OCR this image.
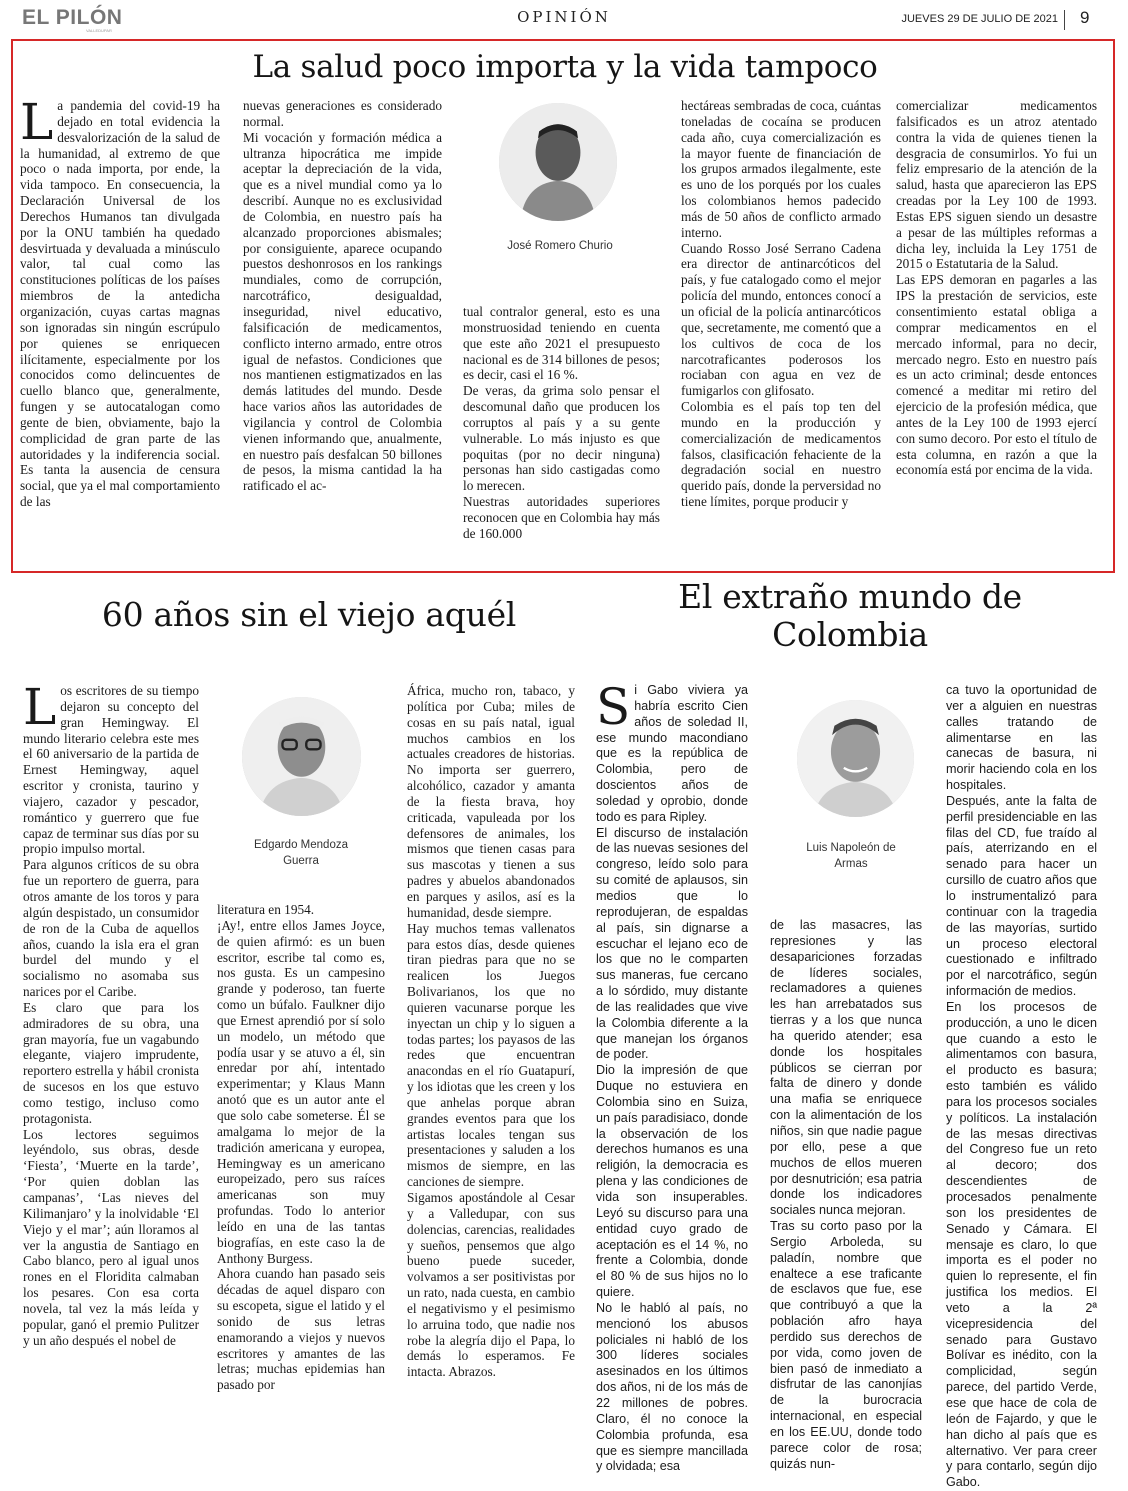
EL PILÓN
VALLEDUPAR
OPINIÓN	JUEVES 29 DE JULIO DE 2021 9
La salud poco importa y la vida tampoco
L a pandemia del covid-19 ha dejado en total evidencia la desvalorización de la salud de la humanidad, al extremo de que poco o nada importa, por ende, la vida tampoco. En consecuencia, la Declaración Universal de los Derechos Humanos tan divulgada por la ONU también ha quedado desvirtuada y devaluada a minúsculo valor, tal cual como las constituciones políticas de los países miembros de la antedicha organización, cuyas cartas magnas son ignoradas sin ningún escrúpulo por quienes se enriquecen ilícitamente, especialmente por los conocidos como delincuentes de cuello blanco que, generalmente, fungen y se autocatalogan como gente de bien, obviamente, bajo la complicidad de gran parte de las autoridades y la indiferencia social. Es tanta la ausencia de censura social, que ya el mal comportamiento de las

nuevas generaciones es considerado normal.

Mi vocación y formación médica a ultranza hipocrática me impide aceptar la depreciación de la vida, que es a nivel mundial como ya lo describí. Aunque no es exclusividad de Colombia, en nuestro país ha alcanzado proporciones abismales; por consiguiente, aparece ocupando puestos deshonrosos en los rankings mundiales, como de corrupción, narcotráfico, desigualdad, inseguridad, nivel educativo, falsificación de medicamentos, conflicto interno armado, entre otros igual de nefastos. Condiciones que nos mantienen estigmatizados en las demás latitudes del mundo. Desde hace varios años las autoridades de vigilancia y control de Colombia vienen informando que, anualmente, en nuestro país desfalcan 50 billones de pesos, la misma cantidad la ha ratificado el ac-

José Romero Churio

tual contralor general, esto es una monstruosidad teniendo en cuenta que este año 2021 el presupuesto nacional es de 314 billones de pesos; es decir, casi el 16 %.

De veras, da grima solo pensar el descomunal daño que producen los corruptos al país y a su gente vulnerable. Lo más injusto es que poquitas (por no decir ninguna) personas han sido castigadas como lo merecen.

Nuestras autoridades superiores reconocen que en Colombia hay más de 160.000

hectáreas sembradas de coca, cuántas toneladas de cocaína se producen cada año, cuya comercialización es la mayor fuente de financiación de los grupos armados ilegalmente, este es uno de los porqués por los cuales los colombianos hemos padecido más de 50 años de conflicto armado interno.

Cuando Rosso José Serrano Cadena era director de antinarcóticos del país, y fue catalogado como el mejor policía del mundo, entonces conocí a un oficial de la policía antinarcóticos que, secretamente, me comentó que a los cultivos de coca de los narcotraficantes poderosos los rociaban con agua en vez de fumigarlos con glifosato.

Colombia es el país top ten del mundo en la producción y comercialización de medicamentos falsos, clasificación fehaciente de la degradación social en nuestro querido país, donde la perversidad no tiene límites, porque producir y

comercializar medicamentos falsificados es un atroz atentado contra la vida de quienes tienen la desgracia de consumirlos. Yo fui un feliz empresario de la atención de la salud, hasta que aparecieron las EPS creadas por la Ley 100 de 1993. Estas EPS siguen siendo un desastre a pesar de las múltiples reformas a dicha ley, incluida la Ley 1751 de 2015 o Estatutaria de la Salud.

Las EPS demoran en pagarles a las IPS la prestación de servicios, este consentimiento estatal obliga a comprar medicamentos en el mercado informal, para no decir, mercado negro. Esto en nuestro país es un acto criminal; desde entonces comencé a meditar mi retiro del ejercicio de la profesión médica, que antes de la Ley 100 de 1993 ejercí con sumo decoro. Por esto el título de esta columna, en razón a que la economía está por encima de la vida.

60 años sin el viejo aquél
L os escritores de su tiempo dejaron su concepto del gran Hemingway. El mundo literario celebra este mes el 60 aniversario de la partida de Ernest Hemingway, aquel escritor y cronista, taurino y viajero, cazador y pescador, romántico y guerrero que fue capaz de terminar sus días por su propio impulso mortal.

Para algunos críticos de su obra fue un reportero de guerra, para otros amante de los toros y para algún despistado, un consumidor de ron de la Cuba de aquellos años, cuando la isla era el gran burdel del mundo y el socialismo no asomaba sus narices por el Caribe.

Es claro que para los admiradores de su obra, una gran mayoría, fue un vagabundo elegante, viajero imprudente, reportero estrella y hábil cronista de sucesos en los que estuvo como testigo, incluso como protagonista.

Los lectores seguimos leyéndolo, sus obras, desde ‘Fiesta’, ‘Muerte en la tarde’, ‘Por quien doblan las campanas’, ‘Las nieves del Kilimanjaro’ y la inolvidable ‘El Viejo y el mar’; aún lloramos al ver la angustia de Santiago en Cabo blanco, pero al igual unos rones en el Floridita calmaban los pesares. Con esa corta novela, tal vez la más leída y popular, ganó el premio Pulitzer y un año después el nobel de

Edgardo Mendoza
Guerra

literatura en 1954.

¡Ay!, entre ellos James Joyce, de quien afirmó: es un buen escritor, escribe tal como es, nos gusta. Es un campesino grande y poderoso, tan fuerte como un búfalo. Faulkner dijo que Ernest aprendió por sí solo un modelo, un método que podía usar y se atuvo a él, sin enredar por ahí, intentado experimentar; y Klaus Mann anotó que es un autor ante el que solo cabe someterse. Él se amalgama lo mejor de la tradición americana y europea, Hemingway es un americano europeizado, pero sus raíces americanas son muy profundas. Todo lo anterior leído en una de las tantas biografías, en este caso la de Anthony Burgess.

Ahora cuando han pasado seis décadas de aquel disparo con su escopeta, sigue el latido y el sonido de sus letras enamorando a viejos y nuevos escritores y amantes de las letras; muchas epidemias han pasado por

África, mucho ron, tabaco, y política por Cuba; miles de cosas en su país natal, igual muchos cambios en los actuales creadores de historias. No importa ser guerrero, alcohólico, cazador y amanta de la fiesta brava, hoy criticada, vapuleada por los defensores de animales, los mismos que tienen casas para sus mascotas y tienen a sus padres y abuelos abandonados en parques y asilos, así es la humanidad, desde siempre.

Hay muchos temas vallenatos para estos días, desde quienes tiran piedras para que no se realicen los Juegos Bolivarianos, los que no quieren vacunarse porque les inyectan un chip y lo siguen a todas partes; los payasos de las redes que encuentran anacondas en el río Guatapurí, y los idiotas que les creen y los que anhelas porque abran grandes eventos para que los artistas locales tengan sus presentaciones y saluden a los mismos de siempre, en las canciones de siempre.

Sigamos apostándole al Cesar y a Valledupar, con sus dolencias, carencias, realidades y sueños, pensemos que algo bueno puede suceder, volvamos a ser positivistas por un rato, nada cuesta, en cambio el negativismo y el pesimismo lo arruina todo, que nadie nos robe la alegría dijo el Papa, lo demás lo esperamos. Fe intacta. Abrazos.

El extraño mundo de Colombia
S i Gabo viviera ya habría escrito Cien años de soledad II, ese mundo macondiano que es la república de Colombia, pero de doscientos años de soledad y oprobio, donde todo es para Ripley.

El discurso de instalación de las nuevas sesiones del congreso, leído solo para su comité de aplausos, sin medios que lo reprodujeran, de espaldas al país, sin dignarse a escuchar el lejano eco de los que no le comparten sus maneras, fue cercano a lo sórdido, muy distante de las realidades que vive la Colombia diferente a la que manejan los órganos de poder.

Dio la impresión de que Duque no estuviera en Colombia sino en Suiza, un país paradisiaco, donde la observación de los derechos humanos es una religión, la democracia es plena y las condiciones de vida son insuperables. Leyó su discurso para una entidad cuyo grado de aceptación es el 14 %, no frente a Colombia, donde el 80 % de sus hijos no lo quiere.

No le habló al país, no mencionó los abusos policiales ni habló de los 300 líderes sociales asesinados en los últimos dos años, ni de los más de 22 millones de pobres. Claro, él no conoce la Colombia profunda, esa que es siempre mancillada y olvidada; esa

Luis Napoleón de
Armas

de las masacres, las represiones y las desapariciones forzadas de líderes sociales, reclamadores a quienes les han arrebatados sus tierras y a los que nunca ha querido atender; esa donde los hospitales públicos se cierran por falta de dinero y donde una mafia se enriquece con la alimentación de los niños, sin que nadie pague por ello, pese a que muchos de ellos mueren por desnutrición; esa patria donde los indicadores sociales nunca mejoran.

Tras su corto paso por la Sergio Arboleda, su paladín, nombre que enaltece a ese traficante de esclavos que fue, ese que contribuyó a que la población afro haya perdido sus derechos de por vida, como joven de bien pasó de inmediato a disfrutar de las canonjías de la burocracia internacional, en especial en los EE.UU, donde todo parece color de rosa; quizás nun-

ca tuvo la oportunidad de ver a alguien en nuestras calles tratando de alimentarse en las canecas de basura, ni morir haciendo cola en los hospitales.

Después, ante la falta de perfil presidenciable en las filas del CD, fue traído al país, aterrizando en el senado para hacer un cursillo de cuatro años que lo instrumentalizó para continuar con la tragedia de las mayorías, surtido un proceso electoral cuestionado e infiltrado por el narcotráfico, según información de medios.

En los procesos de producción, a uno le dicen que cuando a esto le alimentamos con basura, el producto es basura; esto también es válido para los procesos sociales y políticos. La instalación de las mesas directivas del Congreso fue un reto al decoro; dos descendientes de procesados penalmente son los presidentes de Senado y Cámara. El mensaje es claro, lo que importa es el poder no quien lo represente, el fin justifica los medios. El veto a la 2ª vicepresidencia del senado para Gustavo Bolívar es inédito, con la complicidad, según parece, del partido Verde, ese que hace de cola de león de Fajardo, y que le han dicho al país que es alternativo. Ver para creer y para contarlo, según dijo Gabo.
